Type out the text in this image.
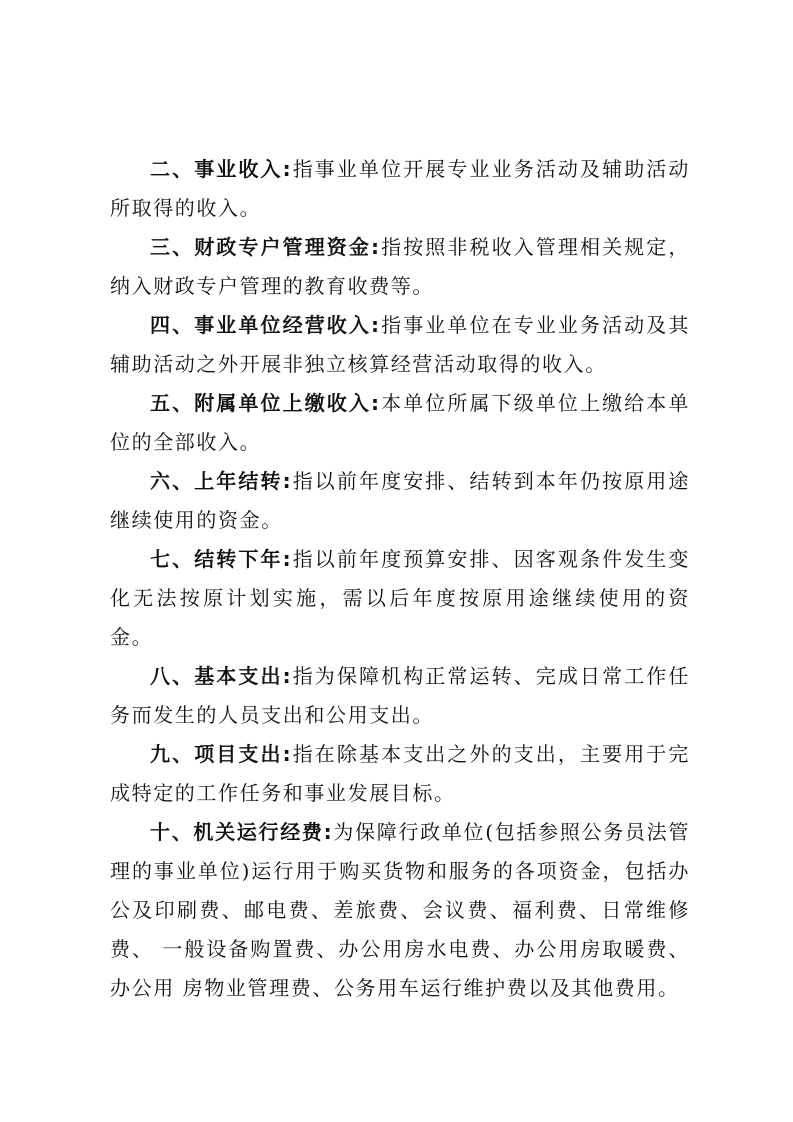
二、事业收入:指事业单位开展专业业务活动及辅助活动所取得的收入。

三、财政专户管理资金:指按照非税收入管理相关规定，纳入财政专户管理的教育收费等。

四、事业单位经营收入:指事业单位在专业业务活动及其辅助活动之外开展非独立核算经营活动取得的收入。

五、附属单位上缴收入:本单位所属下级单位上缴给本单位的全部收入。

六、上年结转:指以前年度安排、结转到本年仍按原用途继续使用的资金。

七、结转下年:指以前年度预算安排、因客观条件发生变化无法按原计划实施，需以后年度按原用途继续使用的资金。

八、基本支出:指为保障机构正常运转、完成日常工作任务而发生的人员支出和公用支出。

九、项目支出:指在除基本支出之外的支出，主要用于完成特定的工作任务和事业发展目标。

十、机关运行经费:为保障行政单位(包括参照公务员法管理的事业单位)运行用于购买货物和服务的各项资金，包括办公及印刷费、邮电费、差旅费、会议费、福利费、日常维修费、 一般设备购置费、办公用房水电费、办公用房取暖费、办公用 房物业管理费、公务用车运行维护费以及其他费用。
